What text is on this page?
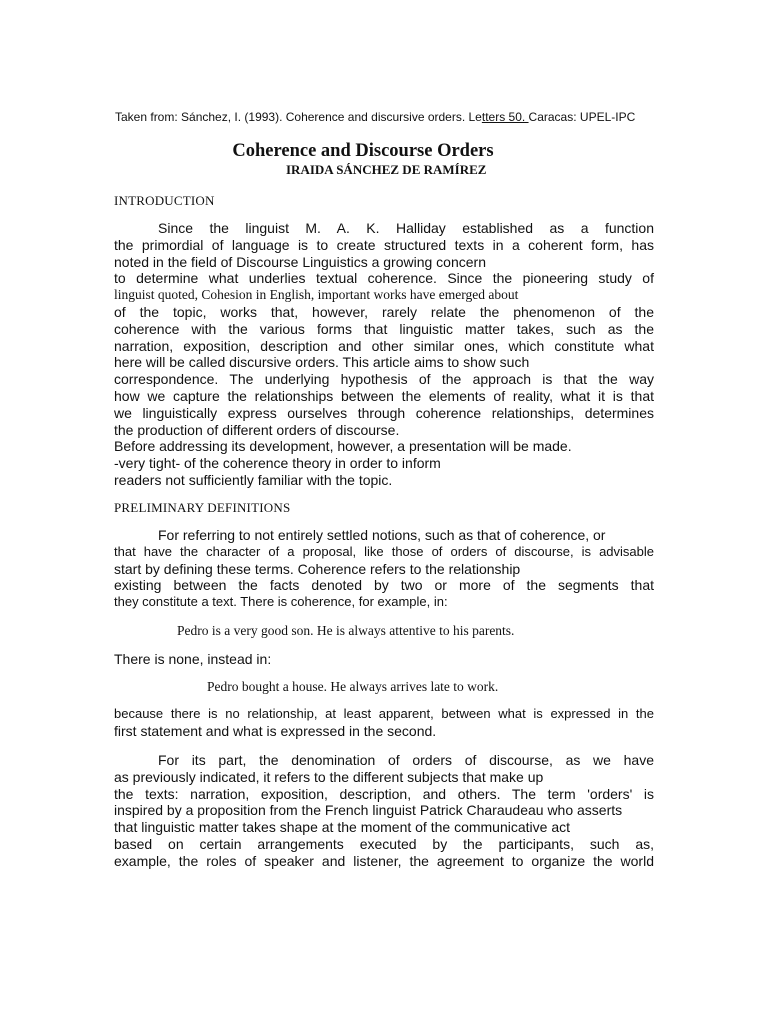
Taken from: Sánchez, I. (1993). Coherence and discursive orders. Letters 50. Caracas: UPEL-IPC
Coherence and Discourse Orders
IRAIDA SÁNCHEZ DE RAMÍREZ
INTRODUCTION
Since the linguist M. A. K. Halliday established as a function
the primordial of language is to create structured texts in a coherent form, has
noted in the field of Discourse Linguistics a growing concern
to determine what underlies textual coherence. Since the pioneering study of
linguist quoted, Cohesion in English, important works have emerged about
of the topic, works that, however, rarely relate the phenomenon of the
coherence with the various forms that linguistic matter takes, such as the
narration, exposition, description and other similar ones, which constitute what
here will be called discursive orders. This article aims to show such
correspondence. The underlying hypothesis of the approach is that the way
how we capture the relationships between the elements of reality, what it is that
we linguistically express ourselves through coherence relationships, determines
the production of different orders of discourse.
Before addressing its development, however, a presentation will be made.
-very tight- of the coherence theory in order to inform
readers not sufficiently familiar with the topic.
PRELIMINARY DEFINITIONS
For referring to not entirely settled notions, such as that of coherence, or
that have the character of a proposal, like those of orders of discourse, is advisable
start by defining these terms. Coherence refers to the relationship
existing between the facts denoted by two or more of the segments that
they constitute a text. There is coherence, for example, in:
Pedro is a very good son. He is always attentive to his parents.
There is none, instead in:
Pedro bought a house. He always arrives late to work.
because there is no relationship, at least apparent, between what is expressed in the
first statement and what is expressed in the second.
For its part, the denomination of orders of discourse, as we have
as previously indicated, it refers to the different subjects that make up
the texts: narration, exposition, description, and others. The term 'orders' is
inspired by a proposition from the French linguist Patrick Charaudeau who asserts
that linguistic matter takes shape at the moment of the communicative act
based on certain arrangements executed by the participants, such as,
example, the roles of speaker and listener, the agreement to organize the world
